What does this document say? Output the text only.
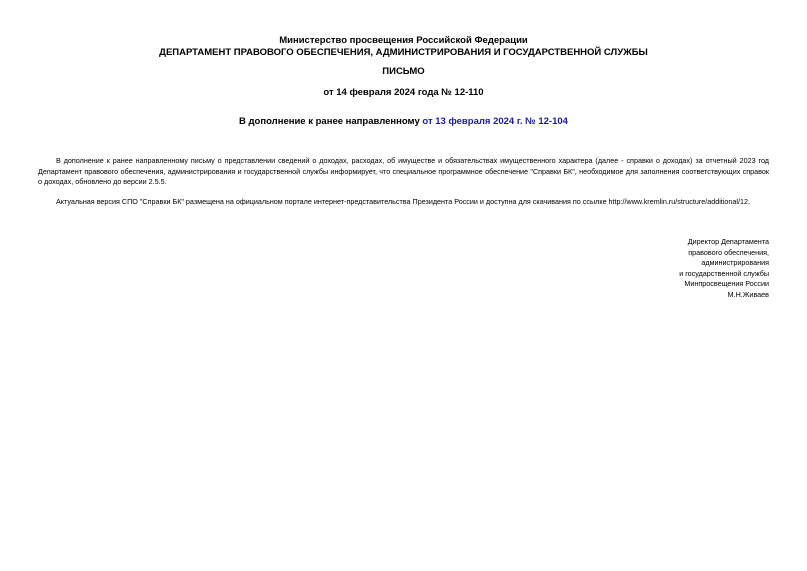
Министерство просвещения Российской Федерации
ДЕПАРТАМЕНТ ПРАВОВОГО ОБЕСПЕЧЕНИЯ, АДМИНИСТРИРОВАНИЯ И ГОСУДАРСТВЕННОЙ СЛУЖБЫ
ПИСЬМО
от 14 февраля 2024 года № 12-110
В дополнение к ранее направленному от 13 февраля 2024 г. № 12-104
В дополнение к ранее направленному письму о представлении сведений о доходах, расходах, об имуществе и обязательствах имущественного характера (далее - справки о доходах) за отчетный 2023 год Департамент правового обеспечения, администрирования и государственной службы информирует, что специальное программное обеспечение "Справки БК", необходимое для заполнения соответствующих справок о доходах, обновлено до версии 2.5.5.
Актуальная версия СПО "Справки БК" размещена на официальном портале интернет-представительства Президента России и доступна для скачивания по ссылке http://www.kremlin.ru/structure/additional/12.
Директор Департамента
правового обеспечения,
администрирования
и государственной службы
Минпросвещения России
М.Н.Живаев
